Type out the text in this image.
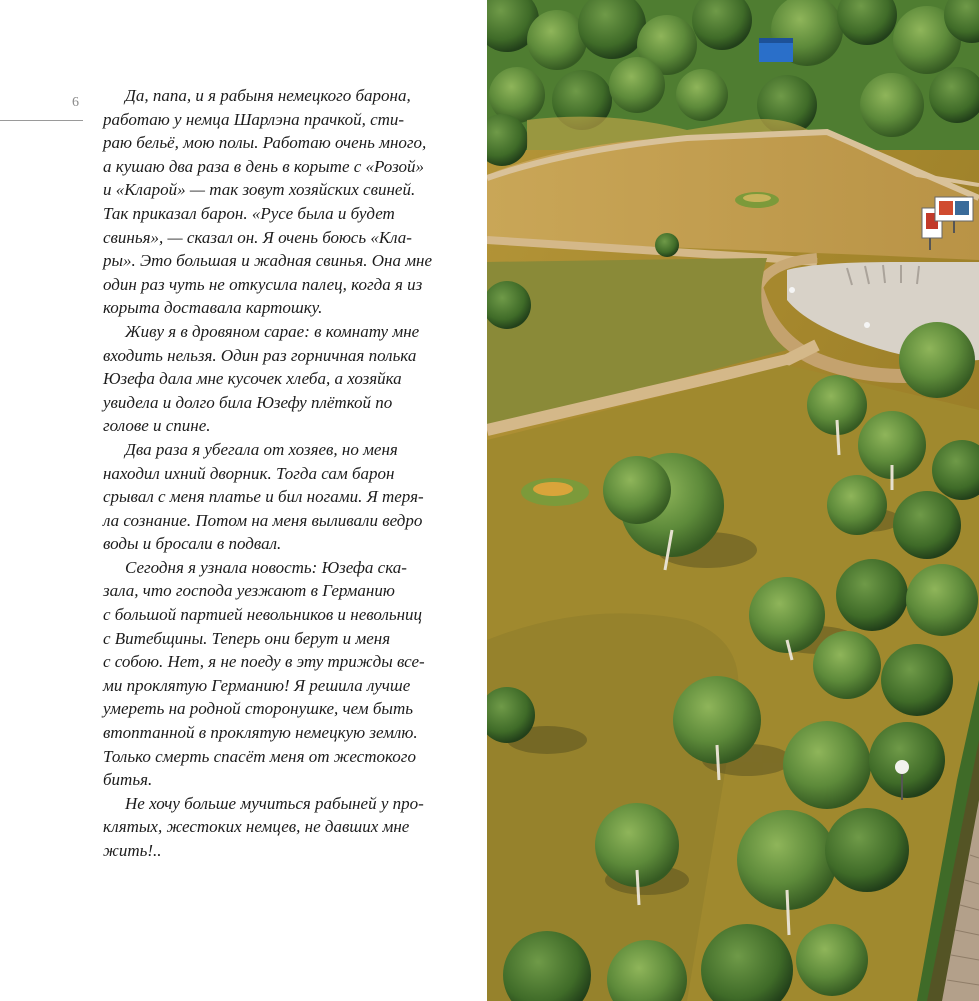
6	Да, папа, и я рабыня немецкого барона,
работаю у немца Шарлэна прачкой, сти-
раю бельё, мою полы. Работаю очень много,
а кушаю два раза в день в корыте с «Розой»
и «Кларой» — так зовут хозяйских свиней.
Так приказал барон. «Русе была и будет
свинья», — сказал он. Я очень боюсь «Кла-
ры». Это большая и жадная свинья. Она мне
один раз чуть не откусила палец, когда я из
корыта доставала картошку.

Живу я в дровяном сарае: в комнату мне
входить нельзя. Один раз горничная полька
Юзефа дала мне кусочек хлеба, а хозяйка
увидела и долго била Юзефу плёткой по
голове и спине.

Два раза я убегала от хозяев, но меня
находил ихний дворник. Тогда сам барон
срывал с меня платье и бил ногами. Я теря-
ла сознание. Потом на меня выливали ведро
воды и бросали в подвал.

Сегодня я узнала новость: Юзефа ска-
зала, что господа уезжают в Германию
с большой партией невольников и невольниц
с Витебщины. Теперь они берут и меня
с собою. Нет, я не поеду в эту трижды все-
ми проклятую Германию! Я решила лучше
умереть на родной сторонушке, чем быть
втоптанной в проклятую немецкую землю.
Только смерть спасёт меня от жестокого
битья.

Не хочу больше мучиться рабыней у про-
клятых, жестоких немцев, не давших мне
жить!..
